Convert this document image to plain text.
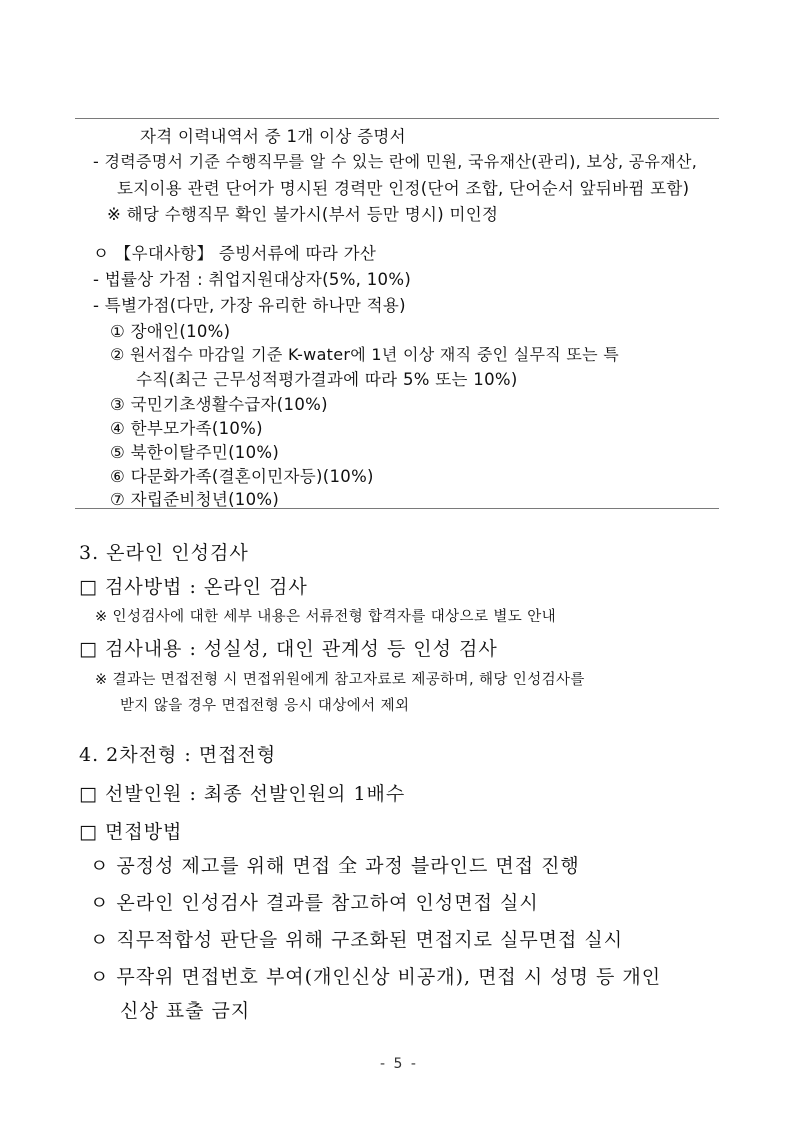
자격 이력내역서 중 1개 이상 증명서
- 경력증명서 기준 수행직무를 알 수 있는 란에 민원, 국유재산(관리), 보상, 공유재산,
토지이용 관련 단어가 명시된 경력만 인정(단어 조합, 단어순서 앞뒤바뀜 포함)
※ 해당 수행직무 확인 불가시(부서 등만 명시) 미인정
ㅇ 【우대사항】 증빙서류에 따라 가산
- 법률상 가점 : 취업지원대상자(5%, 10%)
- 특별가점(다만, 가장 유리한 하나만 적용)
① 장애인(10%)
② 원서접수 마감일 기준 K-water에 1년 이상 재직 중인 실무직 또는 특
수직(최근 근무성적평가결과에 따라 5% 또는 10%)
③ 국민기초생활수급자(10%)
④ 한부모가족(10%)
⑤ 북한이탈주민(10%)
⑥ 다문화가족(결혼이민자등)(10%)
⑦ 자립준비청년(10%)
3. 온라인 인성검사
□ 검사방법 : 온라인 검사
※ 인성검사에 대한 세부 내용은 서류전형 합격자를 대상으로 별도 안내
□ 검사내용 : 성실성, 대인 관계성 등 인성 검사
※ 결과는 면접전형 시 면접위원에게 참고자료로 제공하며, 해당 인성검사를
받지 않을 경우 면접전형 응시 대상에서 제외
4. 2차전형 : 면접전형
□ 선발인원 : 최종 선발인원의 1배수
□ 면접방법
ㅇ 공정성 제고를 위해 면접 全 과정 블라인드 면접 진행
ㅇ 온라인 인성검사 결과를 참고하여 인성면접 실시
ㅇ 직무적합성 판단을 위해 구조화된 면접지로 실무면접 실시
ㅇ 무작위 면접번호 부여(개인신상 비공개), 면접 시 성명 등 개인
신상 표출 금지
- 5 -
